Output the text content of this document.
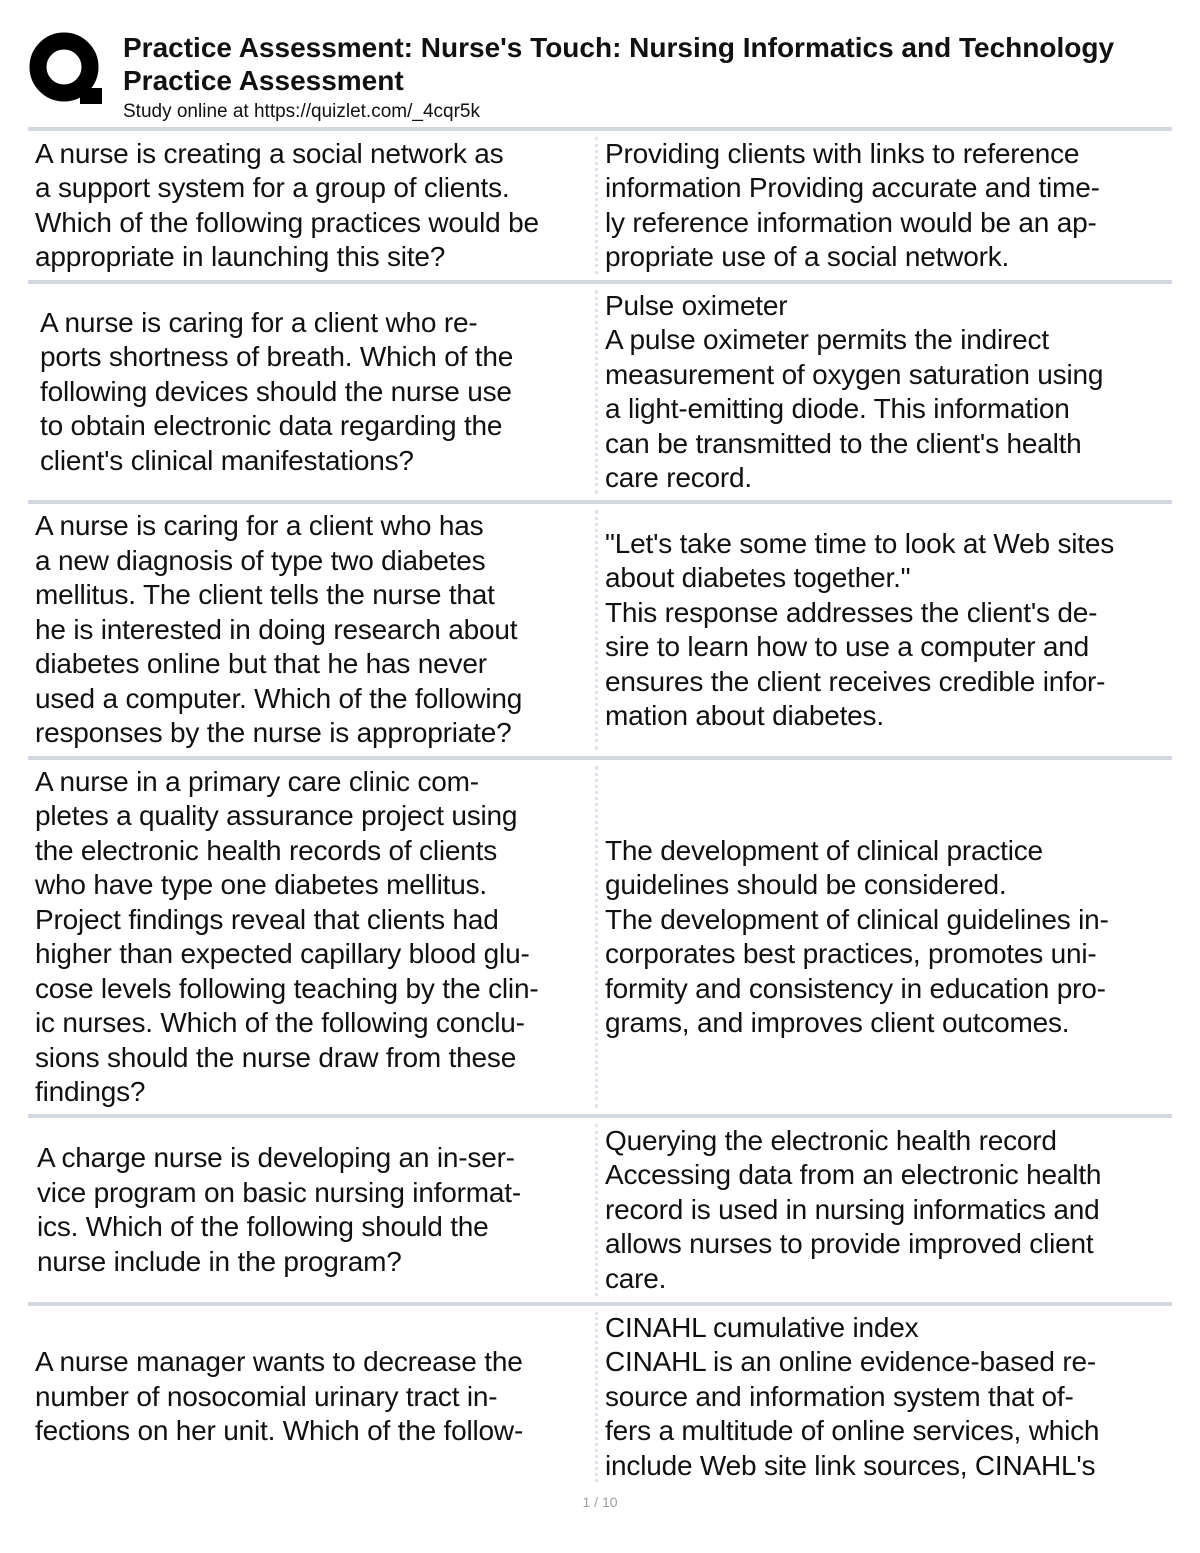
Practice Assessment: Nurse's Touch: Nursing Informatics and Technology
Practice Assessment
Study online at https://quizlet.com/_4cqr5k
A nurse is creating a social network as
a support system for a group of clients.
Which of the following practices would be
appropriate in launching this site?
Providing clients with links to reference
information Providing accurate and time-
ly reference information would be an ap-
propriate use of a social network.
A nurse is caring for a client who re-
ports shortness of breath. Which of the
following devices should the nurse use
to obtain electronic data regarding the
client's clinical manifestations?
Pulse oximeter
A pulse oximeter permits the indirect
measurement of oxygen saturation using
a light-emitting diode. This information
can be transmitted to the client's health
care record.
A nurse is caring for a client who has
a new diagnosis of type two diabetes
mellitus. The client tells the nurse that
he is interested in doing research about
diabetes online but that he has never
used a computer. Which of the following
responses by the nurse is appropriate?
"Let's take some time to look at Web sites
about diabetes together."
This response addresses the client's de-
sire to learn how to use a computer and
ensures the client receives credible infor-
mation about diabetes.
A nurse in a primary care clinic com-
pletes a quality assurance project using
the electronic health records of clients
who have type one diabetes mellitus.
Project findings reveal that clients had
higher than expected capillary blood glu-
cose levels following teaching by the clin-
ic nurses. Which of the following conclu-
sions should the nurse draw from these
findings?
The development of clinical practice
guidelines should be considered.
The development of clinical guidelines in-
corporates best practices, promotes uni-
formity and consistency in education pro-
grams, and improves client outcomes.
A charge nurse is developing an in-ser-
vice program on basic nursing informat-
ics. Which of the following should the
nurse include in the program?
Querying the electronic health record
Accessing data from an electronic health
record is used in nursing informatics and
allows nurses to provide improved client
care.
A nurse manager wants to decrease the
number of nosocomial urinary tract in-
fections on her unit. Which of the follow-
CINAHL cumulative index
CINAHL is an online evidence-based re-
source and information system that of-
fers a multitude of online services, which
include Web site link sources, CINAHL's
1 / 10
